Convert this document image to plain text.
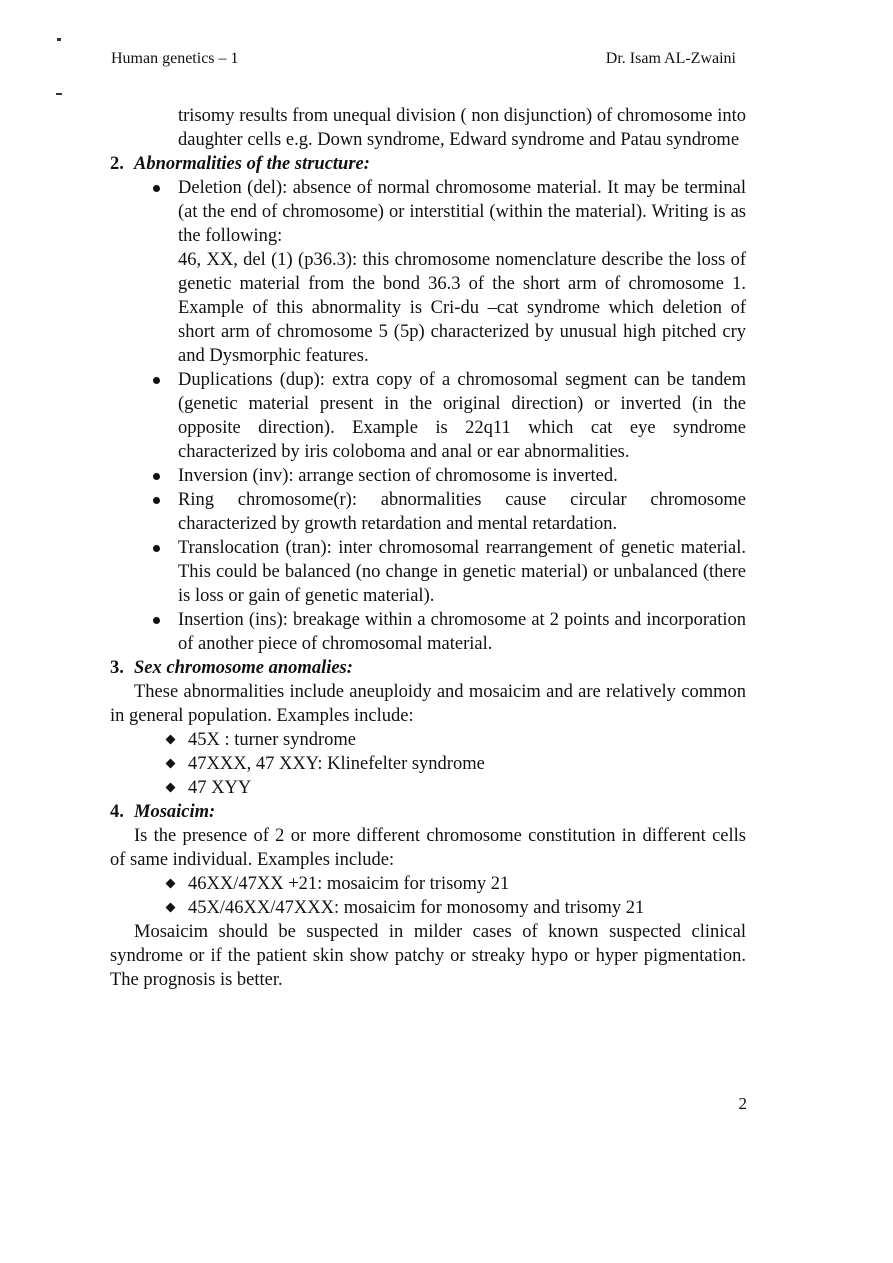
Human genetics – 1	Dr. Isam AL-Zwaini
trisomy results from unequal division ( non disjunction) of chromosome into daughter cells e.g. Down syndrome, Edward syndrome and Patau syndrome
2. Abnormalities of the structure:
Deletion (del): absence of normal chromosome material. It may be terminal (at the end of chromosome) or interstitial (within the material). Writing is as the following:
46, XX, del (1) (p36.3): this chromosome nomenclature describe the loss of genetic material from the bond 36.3 of the short arm of chromosome 1. Example of this abnormality is Cri-du –cat syndrome which deletion of short arm of chromosome 5 (5p) characterized by unusual high pitched cry and Dysmorphic features.
Duplications (dup): extra copy of a chromosomal segment can be tandem (genetic material present in the original direction) or inverted (in the opposite direction). Example is 22q11 which cat eye syndrome characterized by iris coloboma and anal or ear abnormalities.
Inversion (inv): arrange section of chromosome is inverted.
Ring chromosome(r): abnormalities cause circular chromosome characterized by growth retardation and mental retardation.
Translocation (tran): inter chromosomal rearrangement of genetic material. This could be balanced (no change in genetic material) or unbalanced (there is loss or gain of genetic material).
Insertion (ins): breakage within a chromosome at 2 points and incorporation of another piece of chromosomal material.
3. Sex chromosome anomalies:
These abnormalities include aneuploidy and mosaicim and are relatively common in general population. Examples include:
45X : turner syndrome
47XXX, 47 XXY: Klinefelter syndrome
47 XYY
4. Mosaicim:
Is the presence of 2 or more different chromosome constitution in different cells of same individual. Examples include:
46XX/47XX +21: mosaicim for trisomy 21
45X/46XX/47XXX: mosaicim for monosomy and trisomy 21
Mosaicim should be suspected in milder cases of known suspected clinical syndrome or if the patient skin show patchy or streaky hypo or hyper pigmentation. The prognosis is better.
2
